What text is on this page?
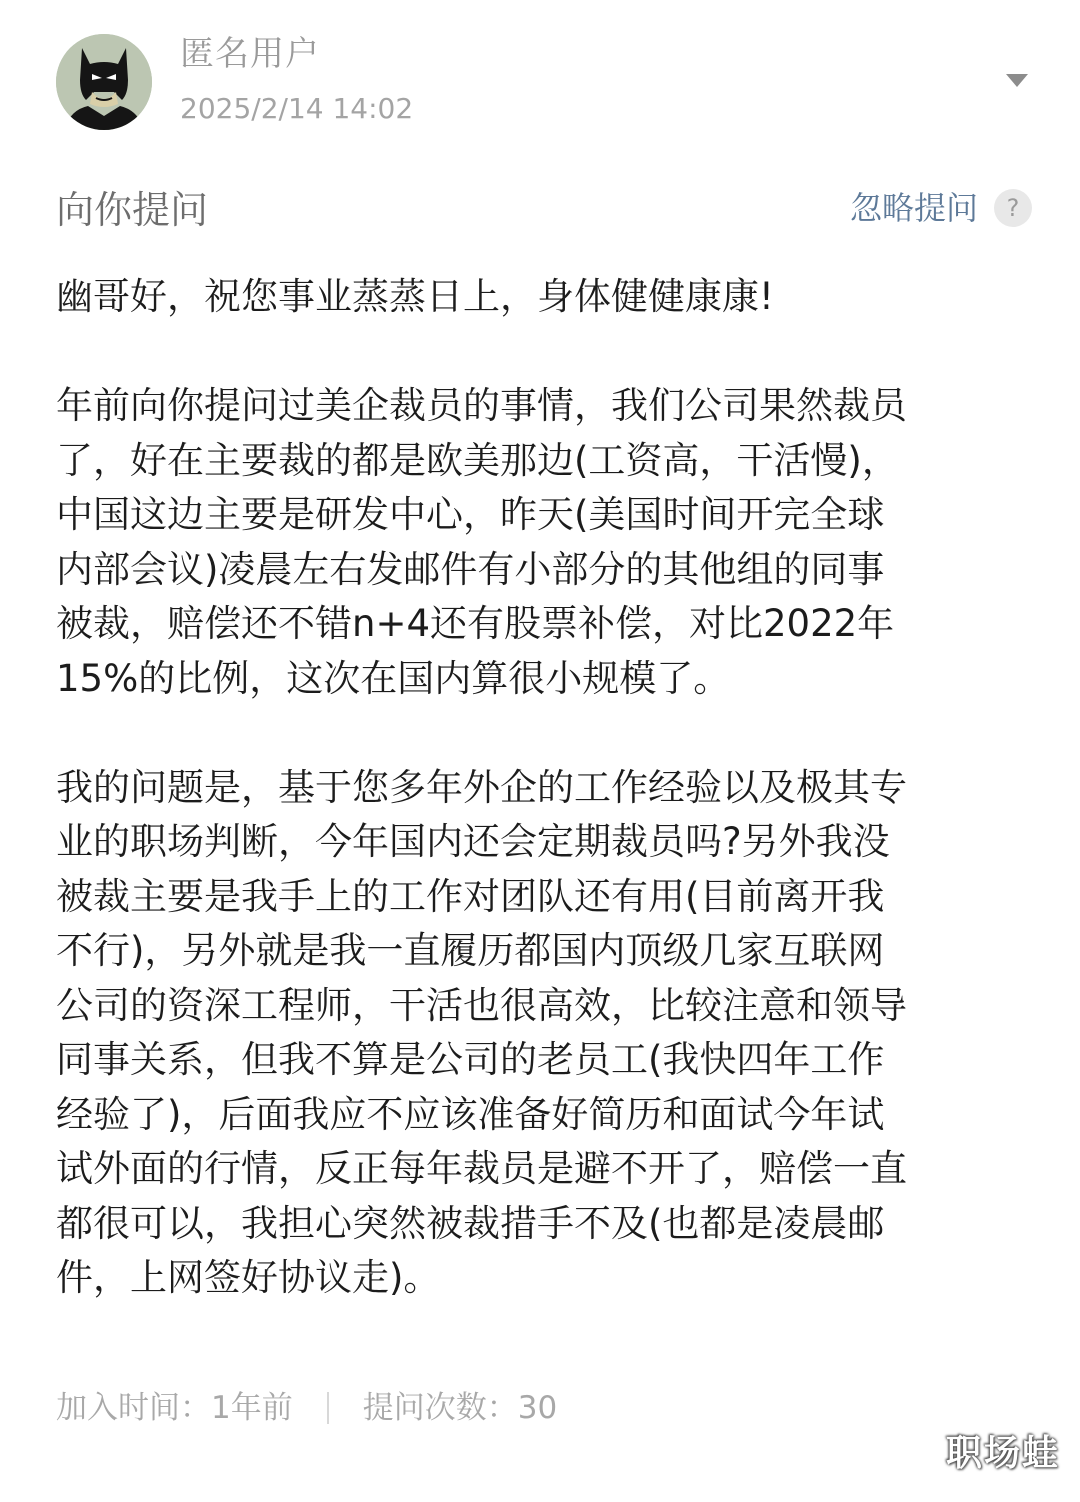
匿名用户
2025/2/14 14:02
向你提问	忽略提问	?

幽哥好，祝您事业蒸蒸日上，身体健健康康!

年前向你提问过美企裁员的事情，我们公司果然裁员
了，好在主要裁的都是欧美那边(工资高，干活慢)，
中国这边主要是研发中心，昨天(美国时间开完全球
内部会议)凌晨左右发邮件有小部分的其他组的同事
被裁，赔偿还不错n+4还有股票补偿，对比2022年
15%的比例，这次在国内算很小规模了。

我的问题是，基于您多年外企的工作经验以及极其专
业的职场判断，今年国内还会定期裁员吗?另外我没
被裁主要是我手上的工作对团队还有用(目前离开我
不行)，另外就是我一直履历都国内顶级几家互联网
公司的资深工程师，干活也很高效，比较注意和领导
同事关系，但我不算是公司的老员工(我快四年工作
经验了)，后面我应不应该准备好简历和面试今年试
试外面的行情，反正每年裁员是避不开了，赔偿一直
都很可以，我担心突然被裁措手不及(也都是凌晨邮
件，上网签好协议走)。

加入时间：1年前 提问次数：30
职场蛙
